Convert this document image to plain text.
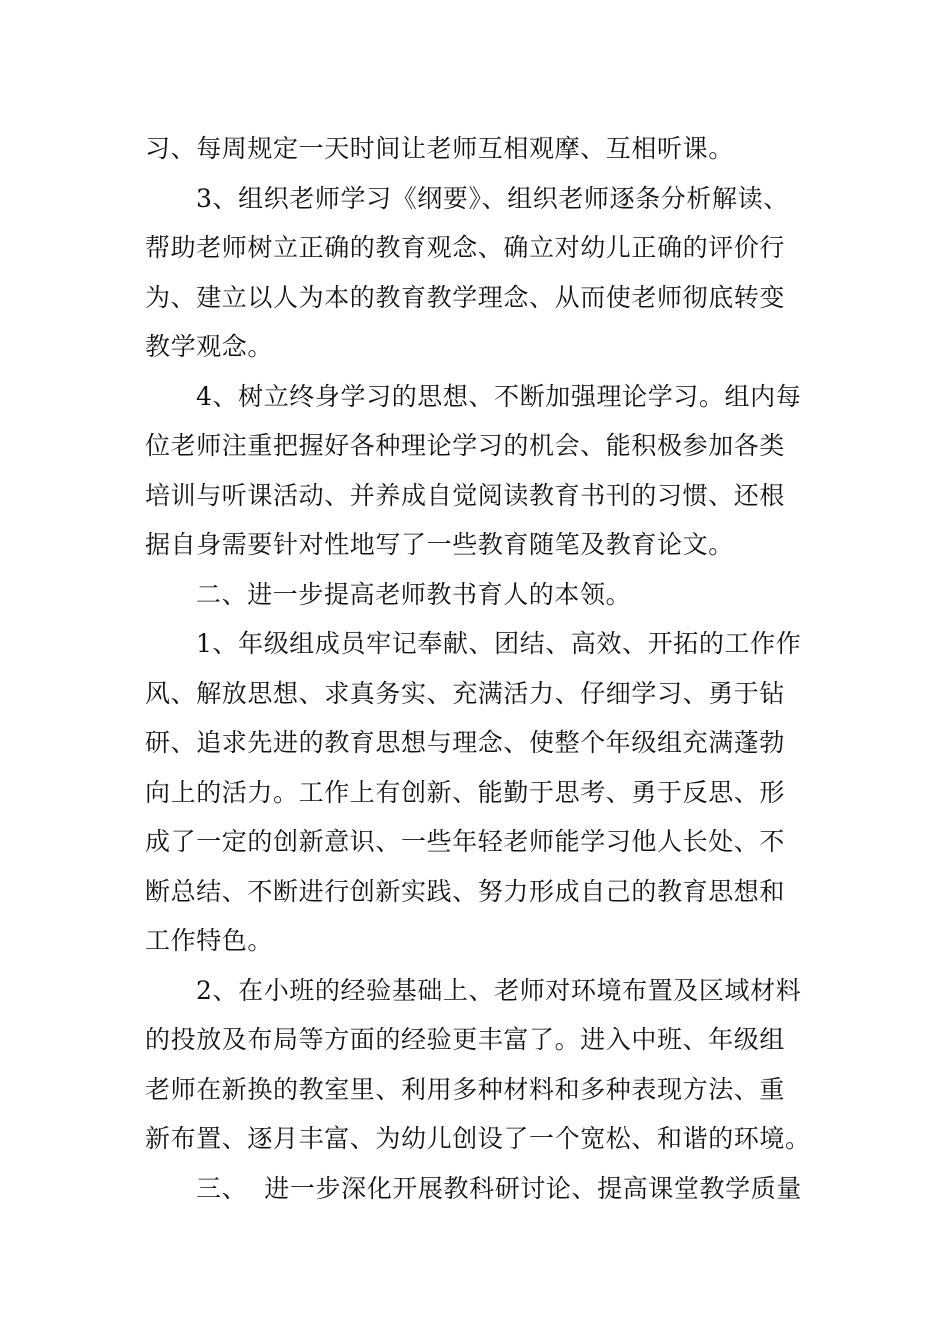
习、每周规定一天时间让老师互相观摩、互相听课。
3、组织老师学习《纲要》、组织老师逐条分析解读、
帮助老师树立正确的教育观念、确立对幼儿正确的评价行
为、建立以人为本的教育教学理念、从而使老师彻底转变
教学观念。
4、树立终身学习的思想、不断加强理论学习。组内每
位老师注重把握好各种理论学习的机会、能积极参加各类
培训与听课活动、并养成自觉阅读教育书刊的习惯、还根
据自身需要针对性地写了一些教育随笔及教育论文。
二、进一步提高老师教书育人的本领。
1、年级组成员牢记奉献、团结、高效、开拓的工作作
风、解放思想、求真务实、充满活力、仔细学习、勇于钻
研、追求先进的教育思想与理念、使整个年级组充满蓬勃
向上的活力。工作上有创新、能勤于思考、勇于反思、形
成了一定的创新意识、一些年轻老师能学习他人长处、不
断总结、不断进行创新实践、努力形成自己的教育思想和
工作特色。
2、在小班的经验基础上、老师对环境布置及区域材料
的投放及布局等方面的经验更丰富了。进入中班、年级组
老师在新换的教室里、利用多种材料和多种表现方法、重
新布置、逐月丰富、为幼儿创设了一个宽松、和谐的环境。
三、  进一步深化开展教科研讨论、提高课堂教学质量
